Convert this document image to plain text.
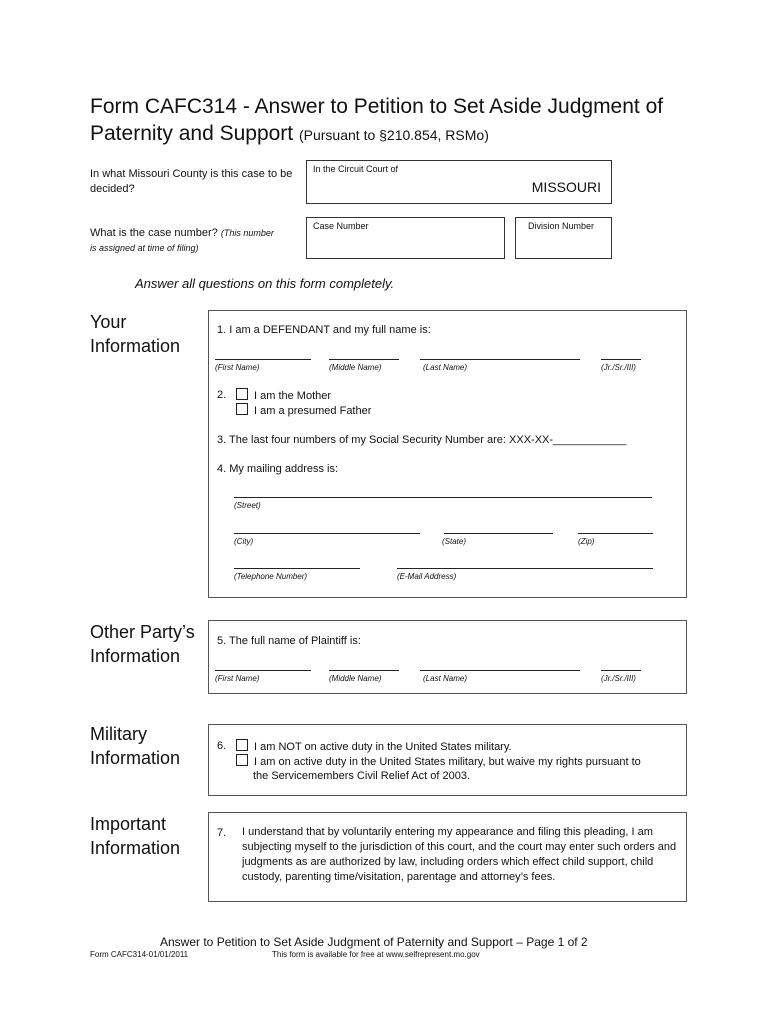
Form CAFC314 - Answer to Petition to Set Aside Judgment of
Paternity and Support (Pursuant to §210.854, RSMo)
In what Missouri County is this case to be decided?
In the Circuit Court of
MISSOURI
What is the case number? (This number
is assigned at time of filing)
Case Number	Division Number
Answer all questions on this form completely.
Your
Information
Other Party’s
Information
Military
Information
Important
Information
1. I am a DEFENDANT and my full name is:
(First Name)	(Middle Name)	(Last Name)	(Jr./Sr./III)
2.	I am the Mother
I am a presumed Father
3. The last four numbers of my Social Security Number are: XXX-XX-____________
4. My mailing address is:
(Street)
(City)	(State)	(Zip)
(Telephone Number)	(E-Mail Address)
5. The full name of Plaintiff is:
(First Name)	(Middle Name)	(Last Name)	(Jr./Sr./III)
6.	I am NOT on active duty in the United States military.
I am on active duty in the United States military, but waive my rights pursuant to
the Servicemembers Civil Relief Act of 2003.
7. I understand that by voluntarily entering my appearance and filing this pleading, I am subjecting myself to the jurisdiction of this court, and the court may enter such orders and judgments as are authorized by law, including orders which effect child support, child custody, parenting time/visitation, parentage and attorney’s fees.
Answer to Petition to Set Aside Judgment of Paternity and Support – Page 1 of 2
Form CAFC314-01/01/2011	This form is available for free at www.selfrepresent.mo.gov
